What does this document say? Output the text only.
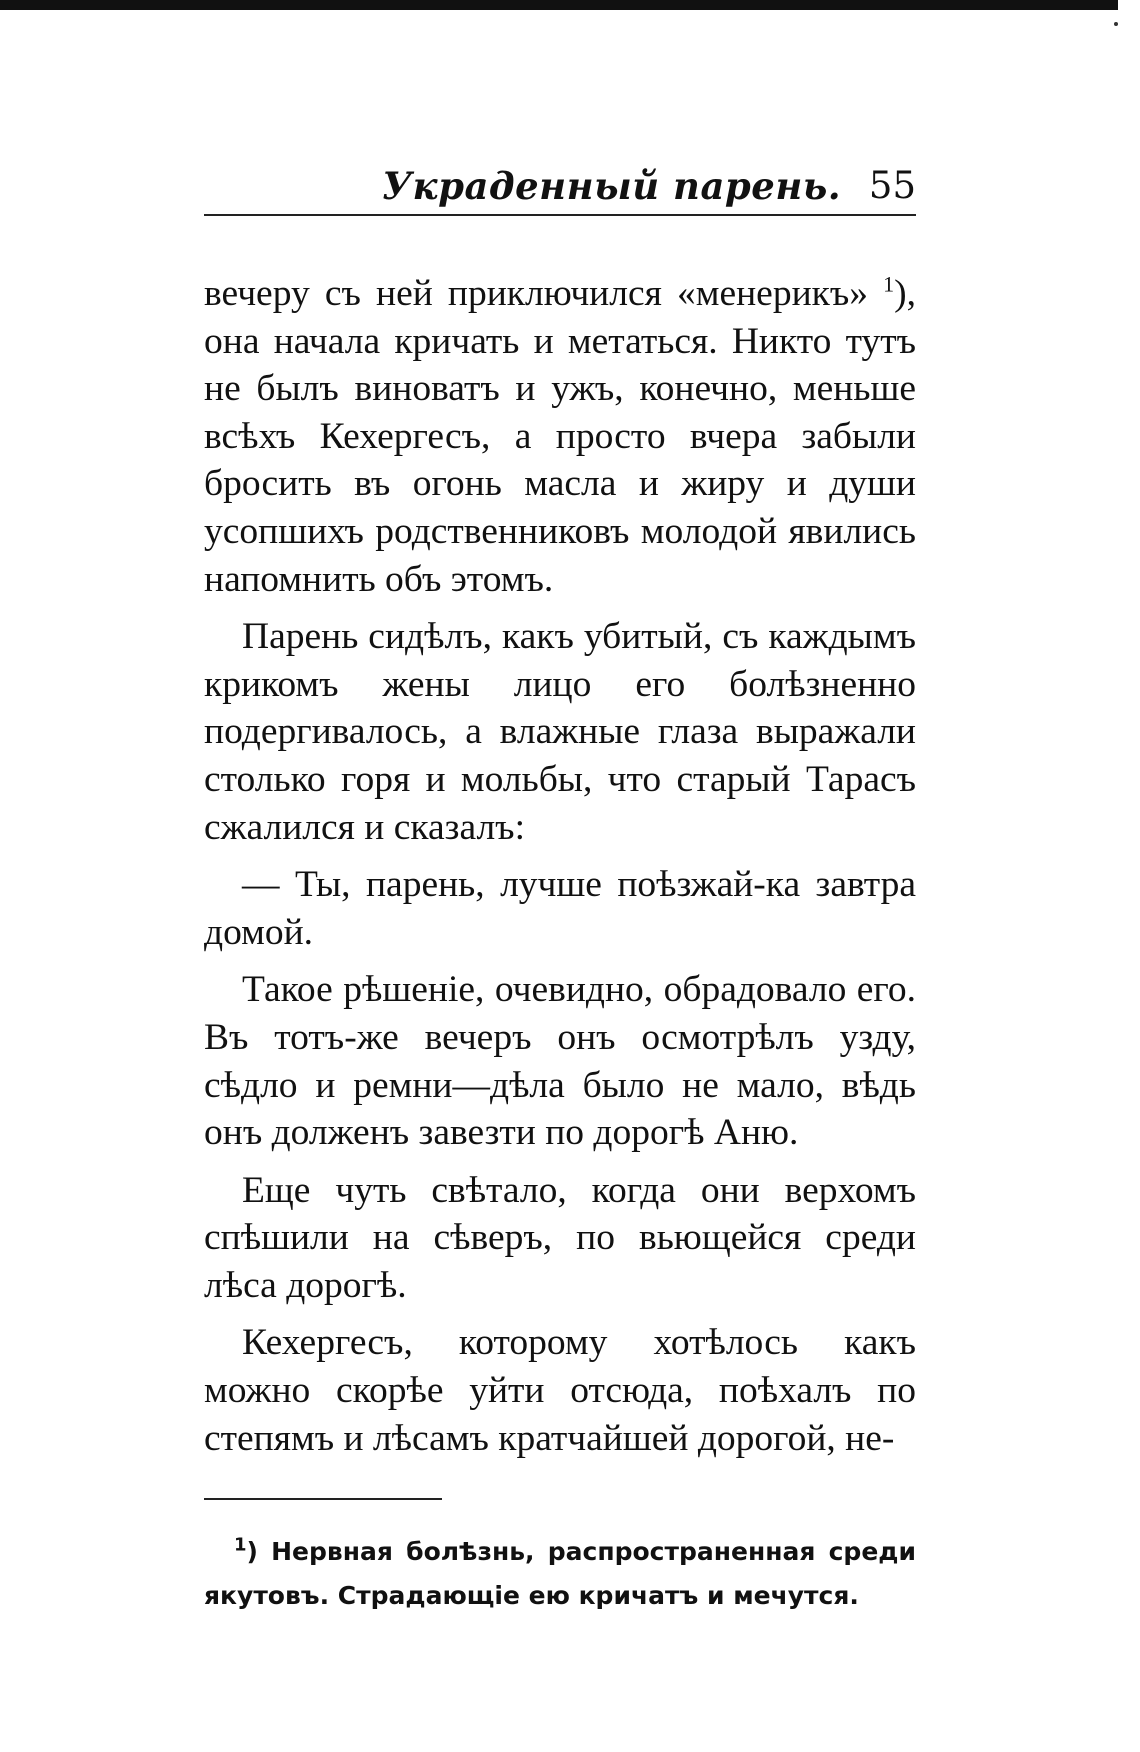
Украденный парень. 55

вечеру съ ней приключился «менерикъ» $^1$), она начала кричать и метаться. Никто тутъ не былъ виноватъ и ужъ, конечно, меньше всѣхъ Кехергесъ, а просто вчера забыли бросить въ огонь масла и жиру и души усопшихъ родственниковъ молодой явились напомнить объ этомъ.

Парень сидѣлъ, какъ убитый, съ каждымъ крикомъ жены лицо его болѣзненно подергивалось, а влажные глаза выражали столько горя и мольбы, что старый Тарасъ сжалился и сказалъ:

— Ты, парень, лучше поѣзжай-ка завтра домой.

Такое рѣшеніе, очевидно, обрадовало его. Въ тотъ-же вечеръ онъ осмотрѣлъ узду, сѣдло и ремни—дѣла было не мало, вѣдь онъ долженъ завезти по дорогѣ Аню.

Еще чуть свѣтало, когда они верхомъ спѣшили на сѣверъ, по вьющейся среди лѣса дорогѣ.

Кехергесъ, которому хотѣлось какъ можно скорѣе уйти отсюда, поѣхалъ по степямъ и лѣсамъ кратчайшей дорогой, не-

$^1$) Нервная болѣзнь, распространенная среди якутовъ. Страдающіе ею кричатъ и мечутся.
